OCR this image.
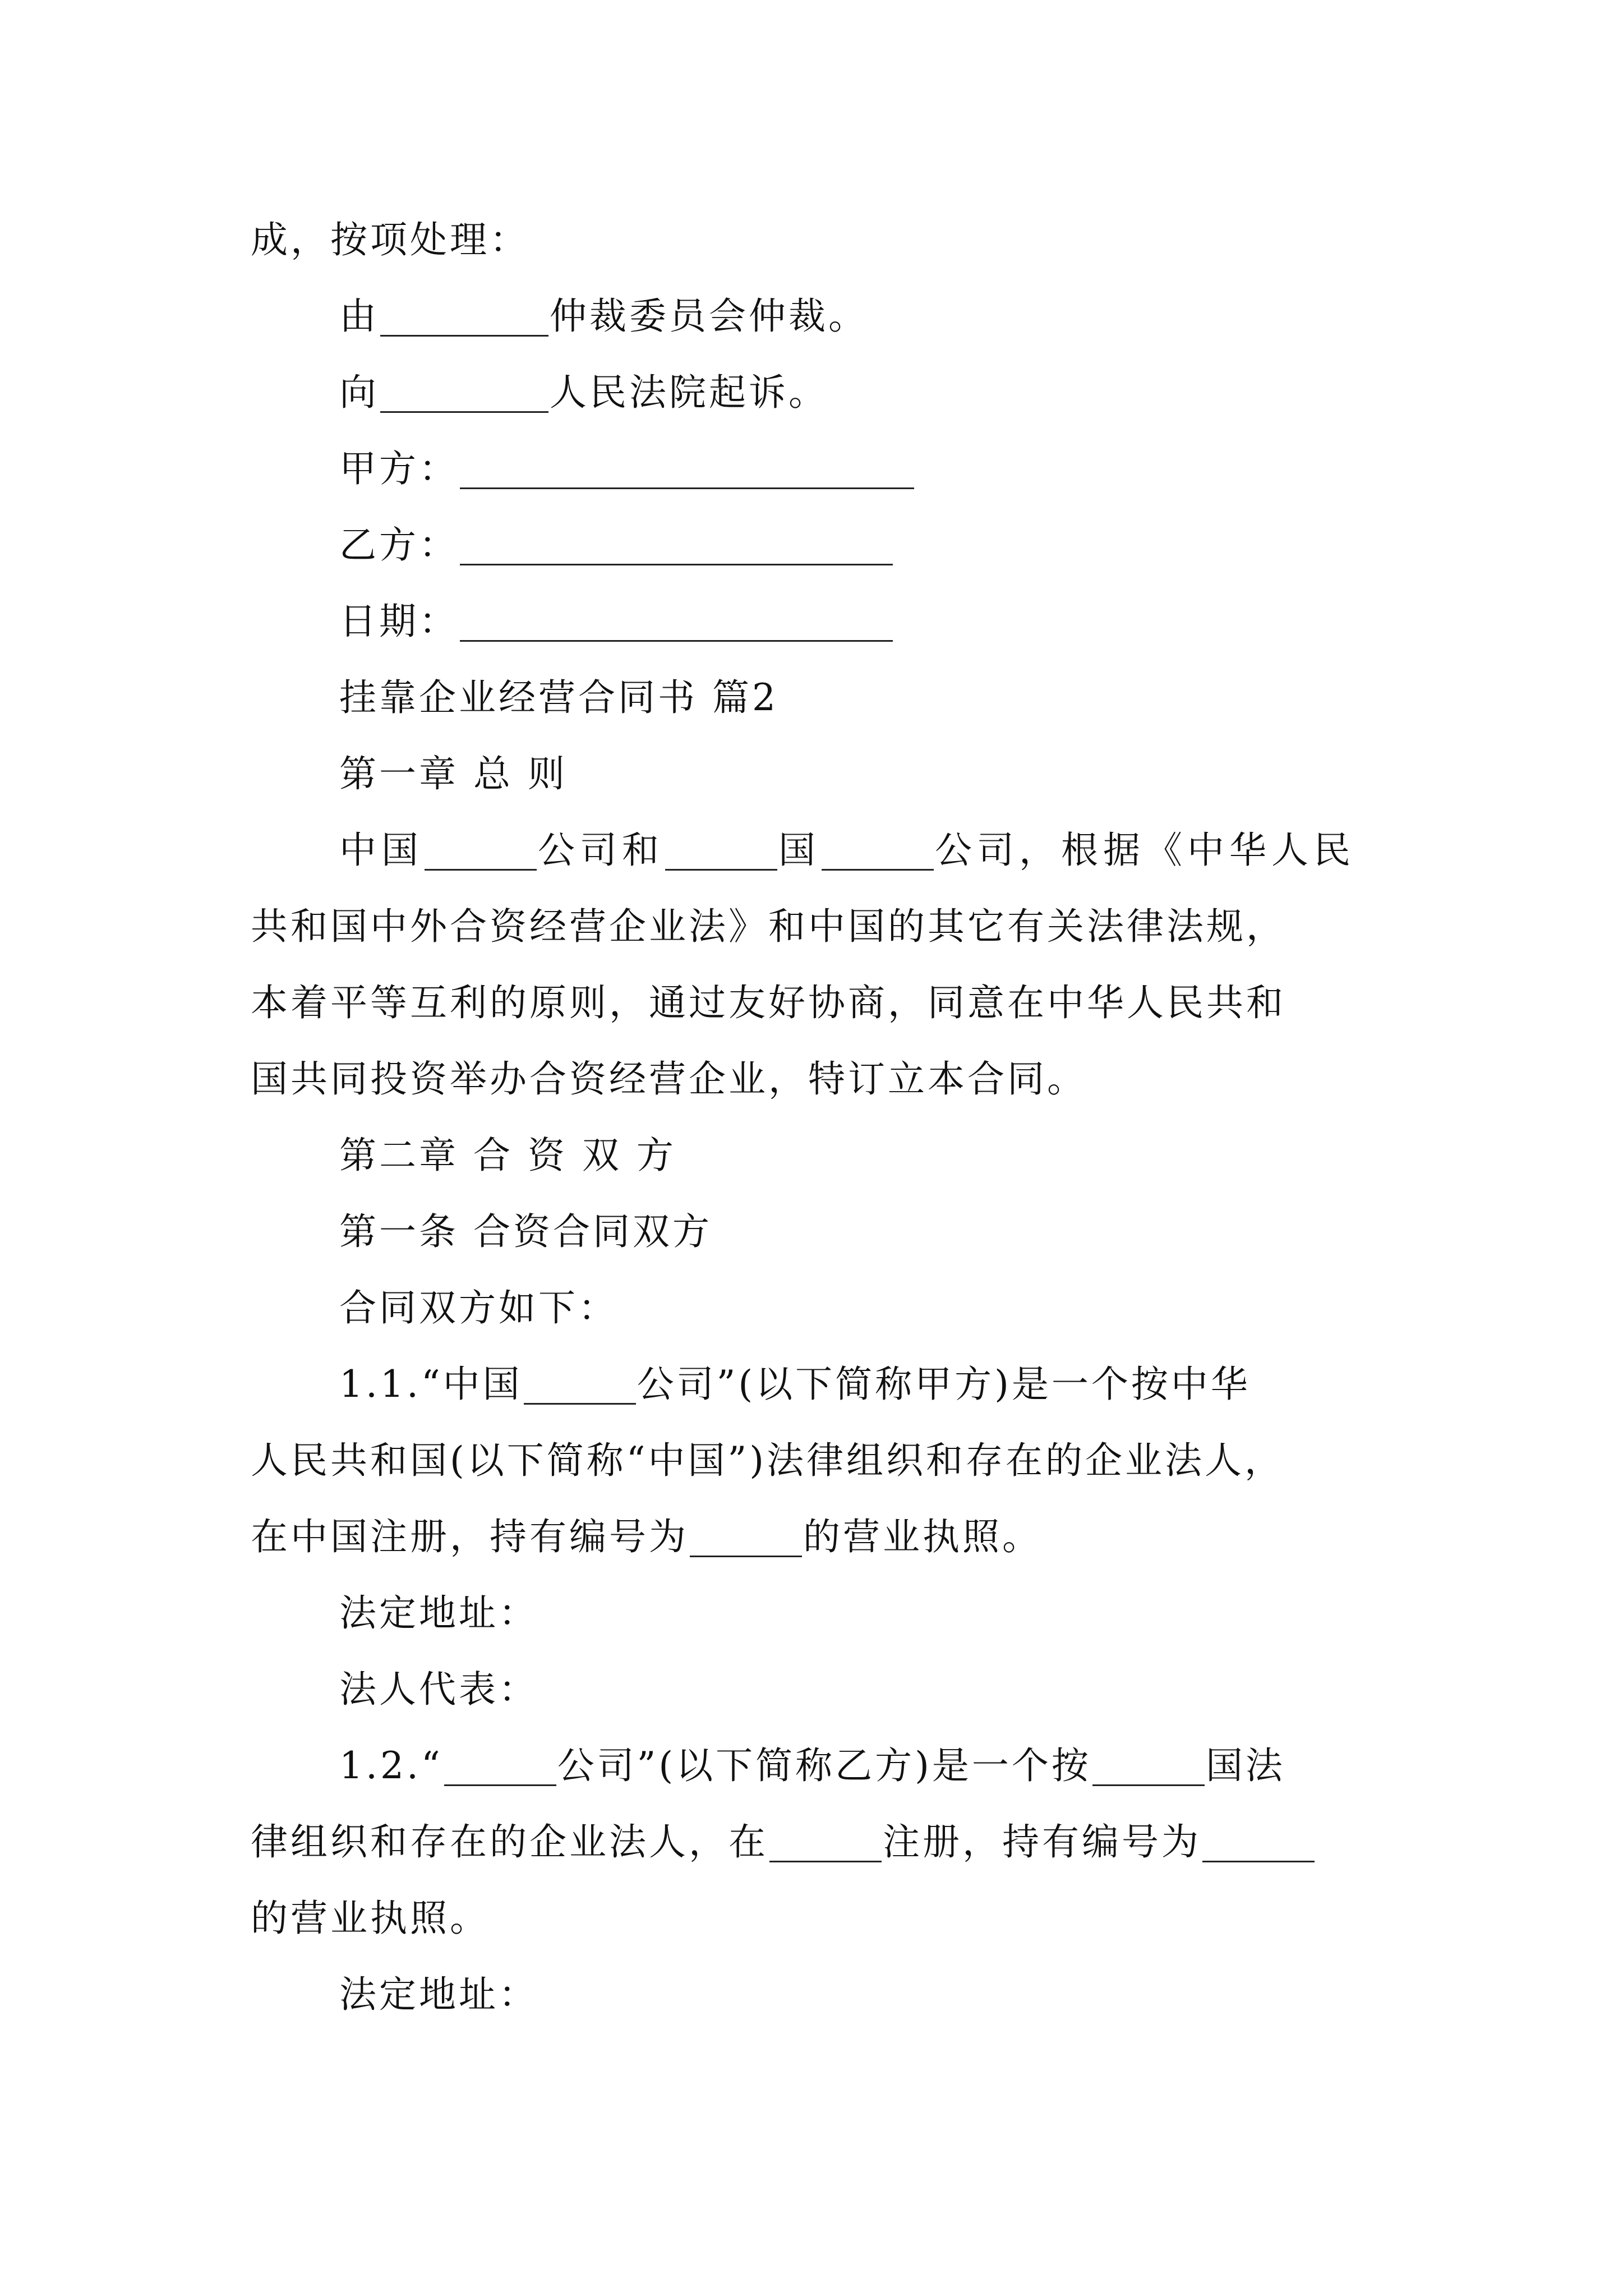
成，按项处理：
由	仲裁委员会仲裁。
向	人民法院起诉。
甲方：
乙方：
日期：
挂靠企业经营合同书 篇2
第一章 总 则
中国	公司和	国	公司，根据《中华人民
共和国中外合资经营企业法》和中国的其它有关法律法规，
本着平等互利的原则，通过友好协商，同意在中华人民共和
国共同投资举办合资经营企业，特订立本合同。
第二章 合 资 双 方
第一条 合资合同双方
合同双方如下：
1.1.“中国	公司”(以下简称甲方)是一个按中华
人民共和国(以下简称“中国”)法律组织和存在的企业法人，
在中国注册，持有编号为	的营业执照。
法定地址：
法人代表：
1.2.“	公司”(以下简称乙方)是一个按	国法
律组织和存在的企业法人，在	注册，持有编号为
的营业执照。
法定地址：
